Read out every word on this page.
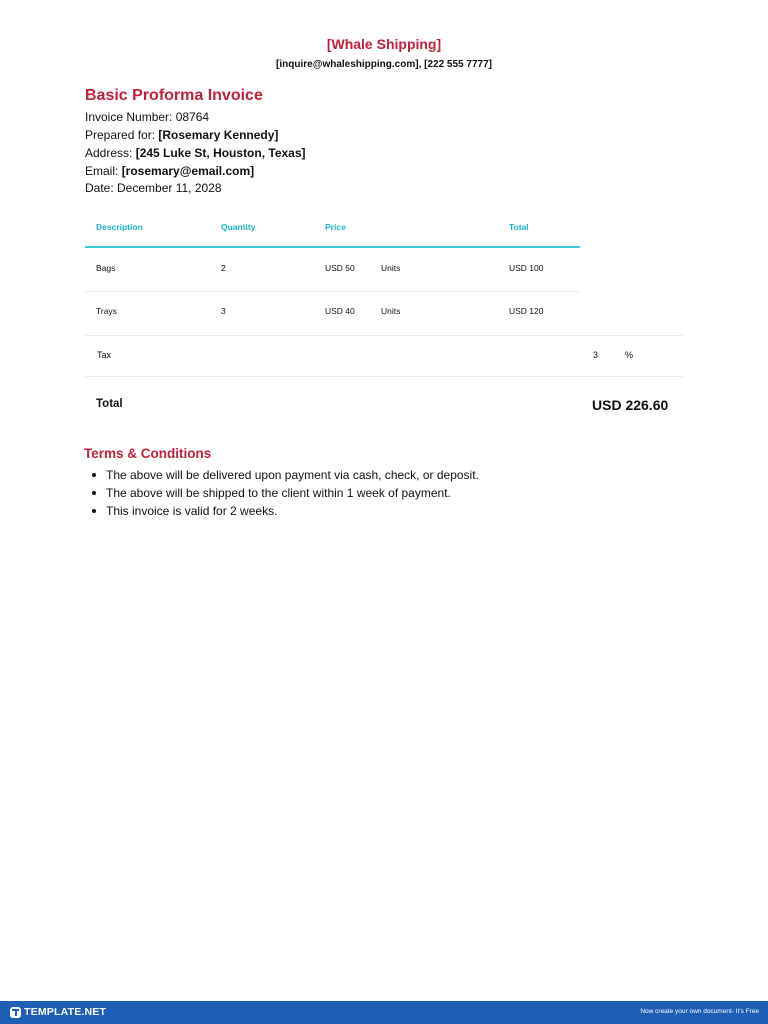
[Whale Shipping]
[inquire@whaleshipping.com], [222 555 7777]
Basic Proforma Invoice
Invoice Number: 08764
Prepared for: [Rosemary Kennedy]
Address: [245 Luke St, Houston, Texas]
Email: [rosemary@email.com]
Date: December 11, 2028
Description	Quantity	Price	Total
Bags	2	USD 50	Units	USD 100
Trays	3	USD 40	Units	USD 120
Tax	3	%
Total	USD 226.60
Terms & Conditions
The above will be delivered upon payment via cash, check, or deposit.
The above will be shipped to the client within 1 week of payment.
This invoice is valid for 2 weeks.
TEMPLATE.NET	Now create your own document- It's Free
